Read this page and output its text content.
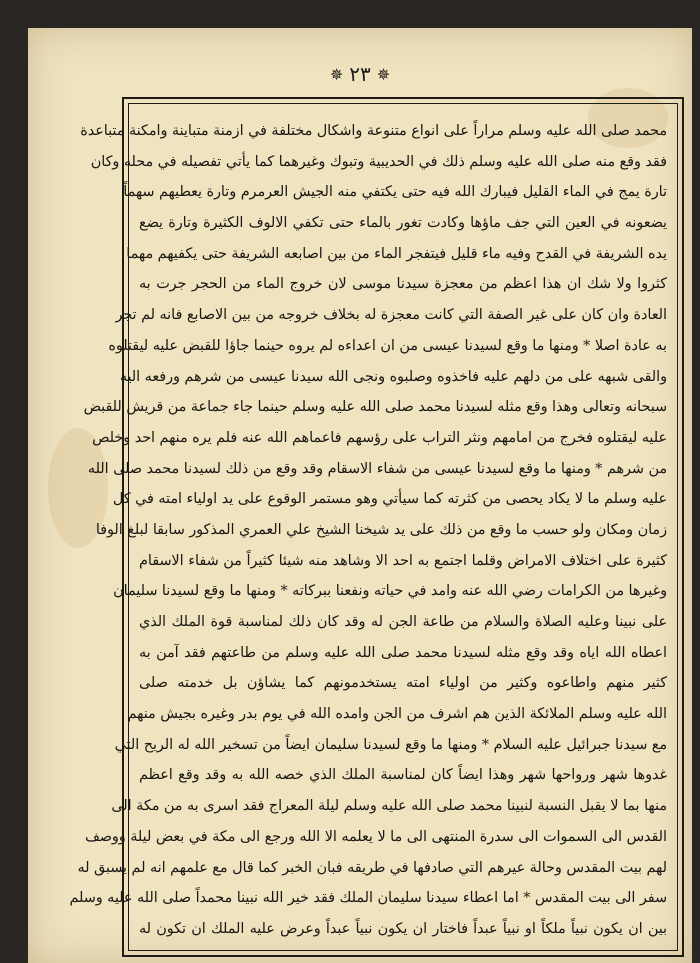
✵ ٢٣ ✵
محمد صلى الله عليه وسلم مراراً على انواع متنوعة واشكال مختلفة في ازمنة متباينة وامكنة متباعدة
فقد وقع منه صلى الله عليه وسلم ذلك في الحديبية وتبوك وغيرهما كما يأتي تفصيله في محله وكان
تارة يمج في الماء القليل فيبارك الله فيه حتى يكتفي منه الجيش العرمرم وتارة يعطيهم سهماً
يضعونه في العين التي جف ماؤها وكادت تغور بالماء حتى تكفي الالوف الكثيرة وتارة يضع
يده الشريفة في القدح وفيه ماء قليل فيتفجر الماء من بين اصابعه الشريفة حتى يكفيهم مهما
كثروا ولا شك ان هذا اعظم من معجزة سيدنا موسى لان خروج الماء من الحجر جرت به
العادة وان كان على غير الصفة التي كانت معجزة له بخلاف خروجه من بين الاصابع فانه لم تجر
به عادة اصلا * ومنها ما وقع لسيدنا عيسى من ان اعداءه لم يروه حينما جاؤا للقبض عليه ليقتلوه
والقى شبهه على من دلهم عليه فاخذوه وصلبوه ونجى الله سيدنا عيسى من شرهم ورفعه اليه
سبحانه وتعالى وهذا وقع مثله لسيدنا محمد صلى الله عليه وسلم حينما جاء جماعة من قريش للقبض
عليه ليقتلوه فخرج من امامهم ونثر التراب على رؤسهم فاعماهم الله عنه فلم يره منهم احد وخلص
من شرهم * ومنها ما وقع لسيدنا عيسى من شفاء الاسقام وقد وقع من ذلك لسيدنا محمد صلى الله
عليه وسلم ما لا يكاد يحصى من كثرته كما سيأتي وهو مستمر الوقوع على يد اولياء امته في كل
زمان ومكان ولو حسب ما وقع من ذلك على يد شيخنا الشيخ علي العمري المذكور سابقا لبلغ الوفا
كثيرة على اختلاف الامراض وقلما اجتمع به احد الا وشاهد منه شيئا كثيراً من شفاء الاسقام
وغيرها من الكرامات رضي الله عنه وامد في حياته ونفعنا ببركاته * ومنها ما وقع لسيدنا سليمان
على نبينا وعليه الصلاة والسلام من طاعة الجن له وقد كان ذلك لمناسبة قوة الملك الذي
اعطاه الله اياه وقد وقع مثله لسيدنا محمد صلى الله عليه وسلم من طاعتهم فقد آمن به
كثير منهم واطاعوه وكثير من اولياء امته يستخدمونهم كما يشاؤن بل خدمته صلى
الله عليه وسلم الملائكة الذين هم اشرف من الجن وامده الله في يوم بدر وغيره بجيش منهم
مع سيدنا جبرائيل عليه السلام * ومنها ما وقع لسيدنا سليمان ايضاً من تسخير الله له الريح التي
غدوها شهر ورواحها شهر وهذا ايضاً كان لمناسبة الملك الذي خصه الله به وقد وقع اعظم
منها بما لا يقبل النسبة لنبينا محمد صلى الله عليه وسلم ليلة المعراج فقد اسرى به من مكة الى
القدس الى السموات الى سدرة المنتهى الى ما لا يعلمه الا الله ورجع الى مكة في بعض ليلة ووصف
لهم بيت المقدس وحالة عيرهم التي صادفها في طريقه فبان الخبر كما قال مع علمهم انه لم يسبق له
سفر الى بيت المقدس * اما اعطاء سيدنا سليمان الملك فقد خير الله نبينا محمداً صلى الله عليه وسلم
بين ان يكون نبياً ملكاً او نبياً عبداً فاختار ان يكون نبياً عبداً وعرض عليه الملك ان تكون له
